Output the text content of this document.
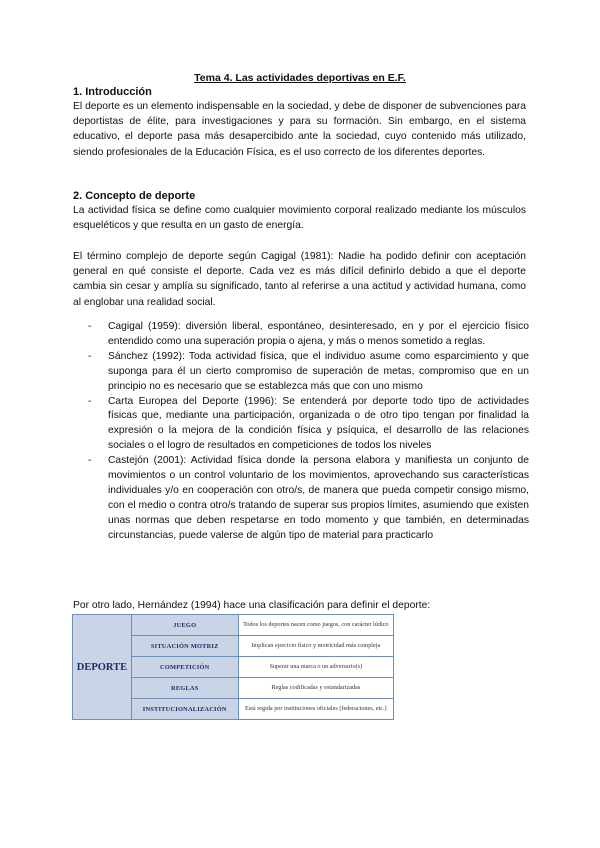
Tema 4. Las actividades deportivas en E.F.
1. Introducción
El deporte es un elemento indispensable en la sociedad, y debe de disponer de subvenciones para deportistas de élite, para investigaciones y para su formación. Sin embargo, en el sistema educativo, el deporte pasa más desapercibido ante la sociedad, cuyo contenido más utilizado, siendo profesionales de la Educación Física, es el uso correcto de los diferentes deportes.
2. Concepto de deporte
La actividad física se define como cualquier movimiento corporal realizado mediante los músculos esqueléticos y que resulta en un gasto de energía.
El término complejo de deporte según Cagigal (1981): Nadie ha podido definir con aceptación general en qué consiste el deporte. Cada vez es más difícil definirlo debido a que el deporte cambia sin cesar y amplía su significado, tanto al referirse a una actitud y actividad humana, como al englobar una realidad social.
- Cagigal (1959): diversión liberal, espontáneo, desinteresado, en y por el ejercicio físico entendido como una superación propia o ajena, y más o menos sometido a reglas.
- Sánchez (1992): Toda actividad física, que el individuo asume como esparcimiento y que suponga para él un cierto compromiso de superación de metas, compromiso que en un principio no es necesario que se establezca más que con uno mismo
- Carta Europea del Deporte (1996): Se entenderá por deporte todo tipo de actividades físicas que, mediante una participación, organizada o de otro tipo tengan por finalidad la expresión o la mejora de la condición física y psíquica, el desarrollo de las relaciones sociales o el logro de resultados en competiciones de todos los niveles
- Castejón (2001): Actividad física donde la persona elabora y manifiesta un conjunto de movimientos o un control voluntario de los movimientos, aprovechando sus características individuales y/o en cooperación con otro/s, de manera que pueda competir consigo mismo, con el medio o contra otro/s tratando de superar sus propios límites, asumiendo que existen unas normas que deben respetarse en todo momento y que también, en determinadas circunstancias, puede valerse de algún tipo de material para practicarlo
Por otro lado, Hernández (1994) hace una clasificación para definir el deporte:
DEPORTE	JUEGO	Todos los deportes nacen como juegos, con carácter lúdico
	SITUACIÓN MOTRIZ	Implican ejercicio físico y motricidad más compleja
	COMPETICIÓN	Superar una marca o un adversario(s)
	REGLAS	Reglas codificadas y estandarizadas
	INSTITUCIONALIZACIÓN	Está regida por instituciones oficiales (federaciones, etc.)
